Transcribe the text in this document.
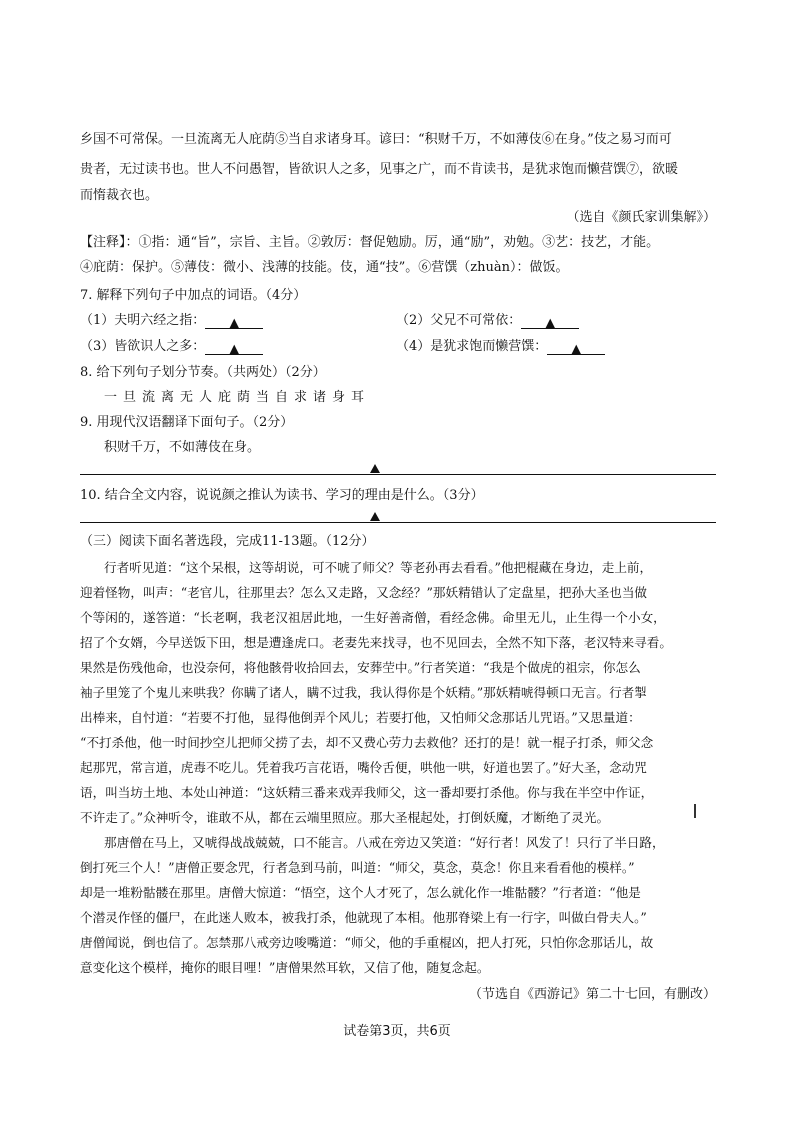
乡国不可常保。一旦流离无人庇荫⑤当自求诸身耳。谚曰：“积财千万，不如薄伎⑥在身。”伎之易习而可
贵者，无过读书也。世人不问愚智，皆欲识人之多，见事之广，而不肯读书，是犹求饱而懒营馔⑦，欲暖
而惰裁衣也。
（选自《颜氏家训集解》）
【注释】：①指：通“旨”，宗旨、主旨。②敦厉：督促勉励。厉，通“励”，劝勉。③艺：技艺，才能。
④庇荫：保护。⑤薄伎：微小、浅薄的技能。伎，通“技”。⑥营馔（zhuàn）：做饭。
7. 解释下列句子中加点的词语。（4分）
（1）夫明六经之指： ▲	（2）父兄不可常依： ▲
（3）皆欲识人之多： ▲	（4）是犹求饱而懒营馔： ▲
8. 给下列句子划分节奏。（共两处）（2分）
一旦流离无人庇荫当自求诸身耳
9. 用现代汉语翻译下面句子。（2分）
积财千万，不如薄伎在身。
10. 结合全文内容，说说颜之推认为读书、学习的理由是什么。（3分）
（三）阅读下面名著选段，完成11-13题。（12分）
行者听见道：“这个呆根，这等胡说，可不唬了师父？等老孙再去看看。”他把棍藏在身边，走上前，
迎着怪物，叫声：“老官儿，往那里去？怎么又走路，又念经？”那妖精错认了定盘星，把孙大圣也当做
个等闲的，遂答道：“长老啊，我老汉祖居此地，一生好善斋僧，看经念佛。命里无儿，止生得一个小女，
招了个女婿，今早送饭下田，想是遭逢虎口。老妻先来找寻，也不见回去，全然不知下落，老汉特来寻看。
果然是伤残他命，也没奈何，将他骸骨收拾回去，安葬茔中。”行者笑道：“我是个做虎的祖宗，你怎么
袖子里笼了个鬼儿来哄我？你瞒了诸人，瞒不过我，我认得你是个妖精。”那妖精唬得顿口无言。行者掣
出棒来，自忖道：“若要不打他，显得他倒弄个风儿；若要打他，又怕师父念那话儿咒语。”又思量道：
“不打杀他，他一时间抄空儿把师父捞了去，却不又费心劳力去救他？还打的是！就一棍子打杀，师父念
起那咒，常言道，虎毒不吃儿。凭着我巧言花语，嘴伶舌便，哄他一哄，好道也罢了。”好大圣，念动咒
语，叫当坊土地、本处山神道：“这妖精三番来戏弄我师父，这一番却要打杀他。你与我在半空中作证，
不许走了。”众神听令，谁敢不从，都在云端里照应。那大圣棍起处，打倒妖魔，才断绝了灵光。
那唐僧在马上，又唬得战战兢兢，口不能言。八戒在旁边又笑道：“好行者！风发了！只行了半日路，
倒打死三个人！”唐僧正要念咒，行者急到马前，叫道：“师父，莫念，莫念！你且来看看他的模样。”
却是一堆粉骷髅在那里。唐僧大惊道：“悟空，这个人才死了，怎么就化作一堆骷髅？”行者道：“他是
个潜灵作怪的僵尸，在此迷人败本，被我打杀，他就现了本相。他那脊梁上有一行字，叫做白骨夫人。”
唐僧闻说，倒也信了。怎禁那八戒旁边唆嘴道：“师父，他的手重棍凶，把人打死，只怕你念那话儿，故
意变化这个模样，掩你的眼目哩！”唐僧果然耳软，又信了他，随复念起。
（节选自《西游记》第二十七回，有删改）
试卷第3页，共6页
